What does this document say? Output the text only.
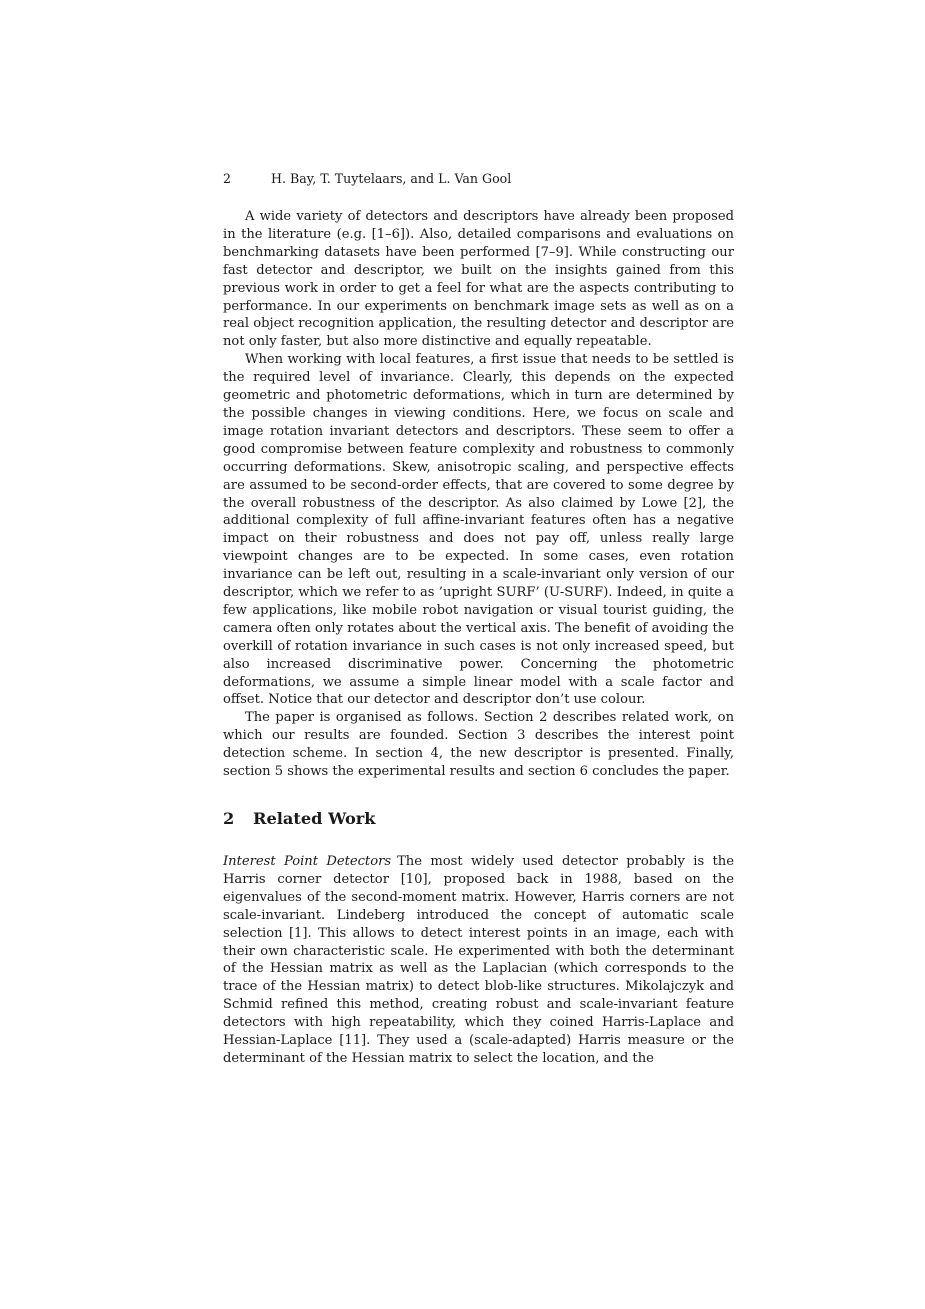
2	H. Bay, T. Tuytelaars, and L. Van Gool

A wide variety of detectors and descriptors have already been proposed in the literature (e.g. [1–6]). Also, detailed comparisons and evaluations on benchmarking datasets have been performed [7–9]. While constructing our fast detector and descriptor, we built on the insights gained from this previous work in order to get a feel for what are the aspects contributing to performance. In our experiments on benchmark image sets as well as on a real object recognition application, the resulting detector and descriptor are not only faster, but also more distinctive and equally repeatable.

When working with local features, a first issue that needs to be settled is the required level of invariance. Clearly, this depends on the expected geometric and photometric deformations, which in turn are determined by the possible changes in viewing conditions. Here, we focus on scale and image rotation invariant detectors and descriptors. These seem to offer a good compromise between feature complexity and robustness to commonly occurring deformations. Skew, anisotropic scaling, and perspective effects are assumed to be second-order effects, that are covered to some degree by the overall robustness of the descriptor. As also claimed by Lowe [2], the additional complexity of full affine-invariant features often has a negative impact on their robustness and does not pay off, unless really large viewpoint changes are to be expected. In some cases, even rotation invariance can be left out, resulting in a scale-invariant only version of our descriptor, which we refer to as ’upright SURF’ (U-SURF). Indeed, in quite a few applications, like mobile robot navigation or visual tourist guiding, the camera often only rotates about the vertical axis. The benefit of avoiding the overkill of rotation invariance in such cases is not only increased speed, but also increased discriminative power. Concerning the photometric deformations, we assume a simple linear model with a scale factor and offset. Notice that our detector and descriptor don’t use colour.

The paper is organised as follows. Section 2 describes related work, on which our results are founded. Section 3 describes the interest point detection scheme. In section 4, the new descriptor is presented. Finally, section 5 shows the experimental results and section 6 concludes the paper.

2 Related Work

Interest Point Detectors The most widely used detector probably is the Harris corner detector [10], proposed back in 1988, based on the eigenvalues of the second-moment matrix. However, Harris corners are not scale-invariant. Lindeberg introduced the concept of automatic scale selection [1]. This allows to detect interest points in an image, each with their own characteristic scale. He experimented with both the determinant of the Hessian matrix as well as the Laplacian (which corresponds to the trace of the Hessian matrix) to detect blob-like structures. Mikolajczyk and Schmid refined this method, creating robust and scale-invariant feature detectors with high repeatability, which they coined Harris-Laplace and Hessian-Laplace [11]. They used a (scale-adapted) Harris measure or the determinant of the Hessian matrix to select the location, and the
